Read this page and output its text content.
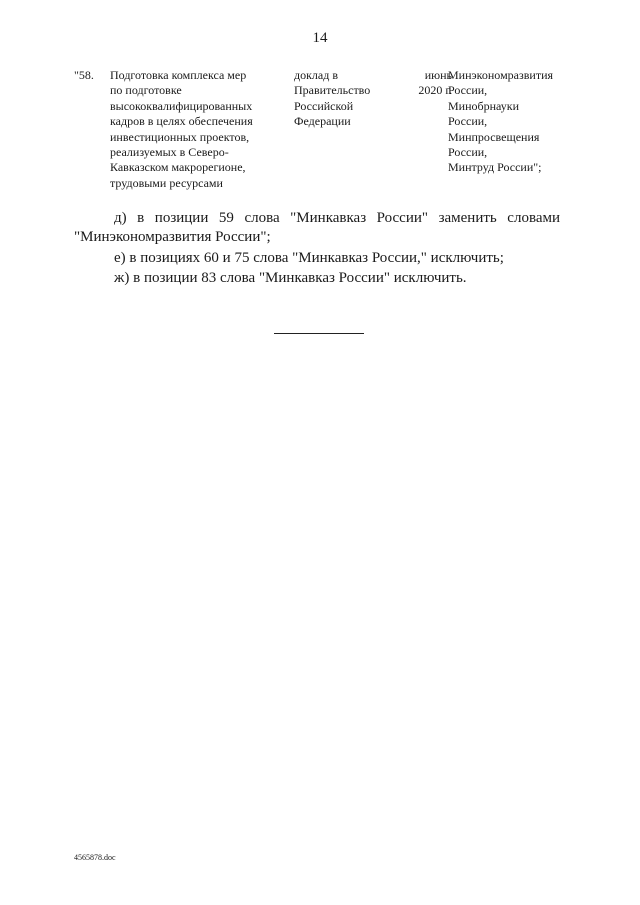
14
"58.	Подготовка комплекса мер
по подготовке
высококвалифицированных
кадров в целях обеспечения
инвестиционных проектов,
реализуемых в Северо-
Кавказском макрорегионе,
трудовыми ресурсами
доклад в
Правительство
Российской
Федерации
июнь
2020 г.
Минэкономразвития
России,
Минобрнауки
России,
Минпросвещения
России,
Минтруд России";
д) в позиции 59 слова "Минкавказ России" заменить словами
"Минэкономразвития России";
е) в позициях 60 и 75 слова "Минкавказ России," исключить;
ж) в позиции 83 слова "Минкавказ России" исключить.
4565878.doc
